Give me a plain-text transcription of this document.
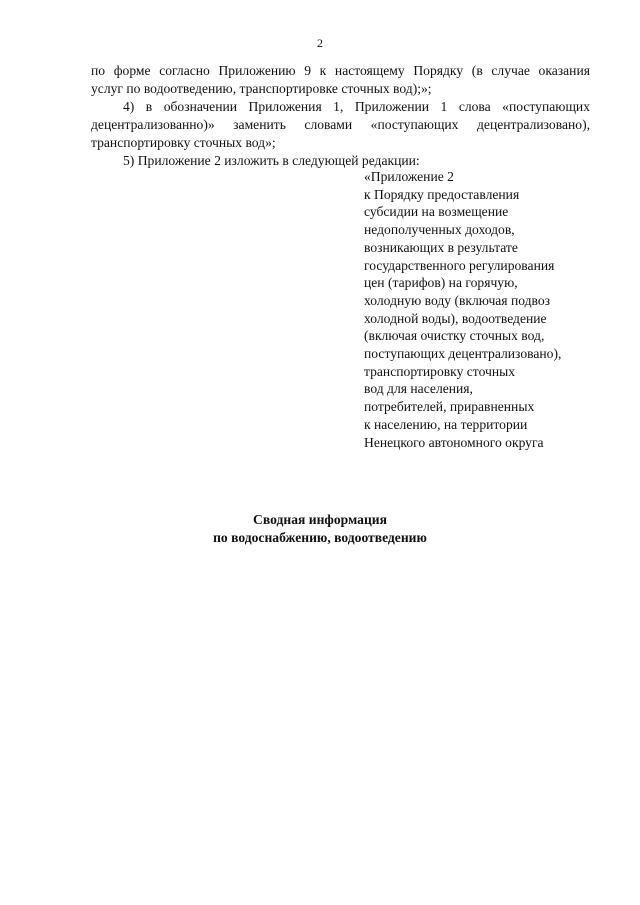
2

по форме согласно Приложению 9 к настоящему Порядку (в случае оказания
услуг по водоотведению, транспортировке сточных вод);»;

4) в обозначении Приложения 1, Приложении 1 слова «поступающих
децентрализованно)» заменить словами «поступающих децентрализовано),
транспортировку сточных вод»;

5) Приложение 2 изложить в следующей редакции:

«Приложение 2
к Порядку предоставления
субсидии на возмещение
недополученных доходов,
возникающих в результате
государственного регулирования
цен (тарифов) на горячую,
холодную воду (включая подвоз
холодной воды), водоотведение
(включая очистку сточных вод,
поступающих децентрализовано),
транспортировку сточных
вод для населения,
потребителей, приравненных
к населению, на территории
Ненецкого автономного округа
Сводная информация
по водоснабжению, водоотведению
